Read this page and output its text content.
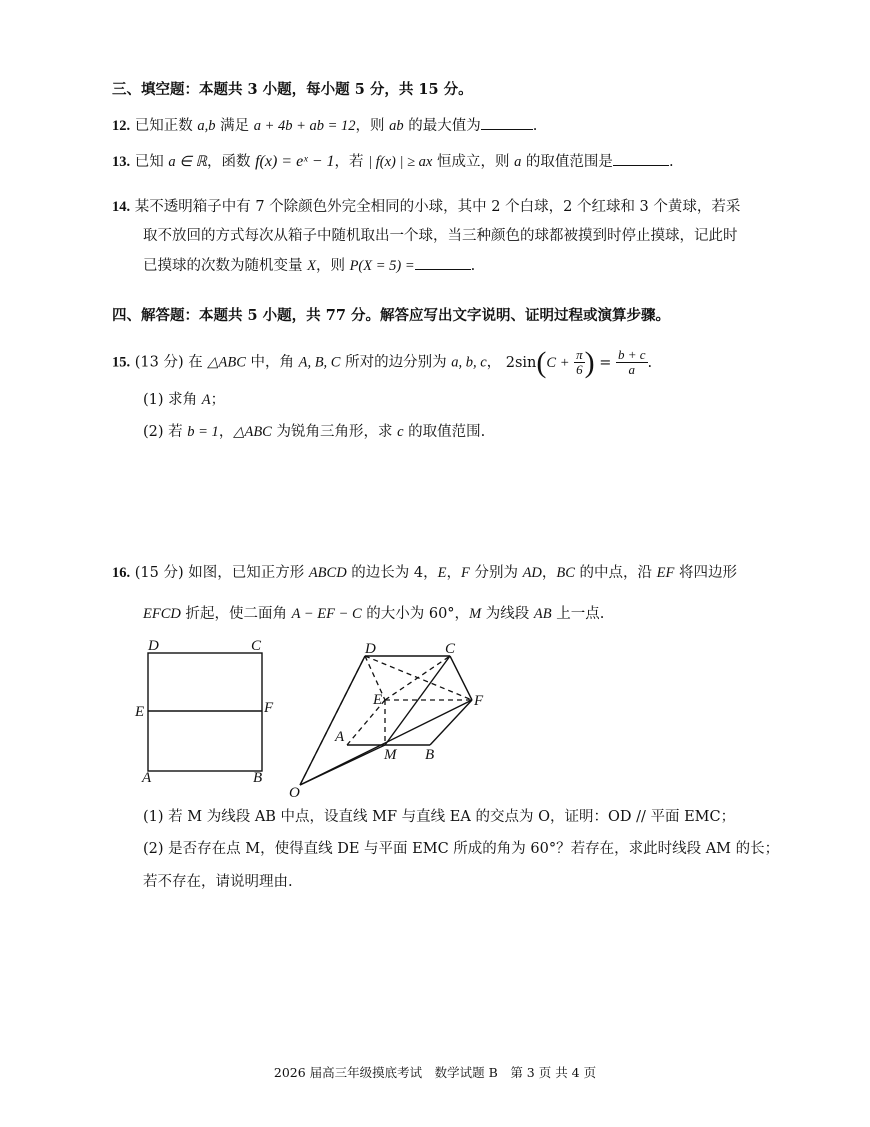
三、填空题：本题共 3 小题，每小题 5 分，共 15 分。
12. 已知正数 a,b 满足 a + 4b + ab = 12，则 ab 的最大值为	.
13. 已知 a ∈ ℝ，函数 f(x) = eˣ − 1，若 | f(x) | ≥ ax 恒成立，则 a 的取值范围是	.
14. 某不透明箱子中有 7 个除颜色外完全相同的小球，其中 2 个白球，2 个红球和 3 个黄球，若采
取不放回的方式每次从箱子中随机取出一个球，当三种颜色的球都被摸到时停止摸球，记此时
已摸球的次数为随机变量 X，则 P(X = 5) =	.
四、解答题：本题共 5 小题，共 77 分。解答应写出文字说明、证明过程或演算步骤。
15. (13 分) 在 △ABC 中，角 A, B, C 所对的边分别为 a, b, c， $2\sin(C + \frac{\pi}{6}$ ) = $\frac{b + c}{a}$ .
(1) 求角 A；
(2) 若 b = 1，△ABC 为锐角三角形，求 c 的取值范围.
16. (15 分) 如图，已知正方形 ABCD 的边长为 4，E，F 分别为 AD，BC 的中点，沿 EF 将四边形
EFCD 折起，使二面角 A − EF − C 的大小为 60°，M 为线段 AB 上一点.
D	C
E	F
A	B
D	C
E	F
A
M B
O
(1) 若 M 为线段 AB 中点，设直线 MF 与直线 EA 的交点为 O，证明：OD // 平面 EMC；
(2) 是否存在点 M，使得直线 DE 与平面 EMC 所成的角为 60°？若存在，求此时线段 AM 的长；
若不存在，请说明理由.
2026 届高三年级摸底考试　数学试题 B　第 3 页 共 4 页
